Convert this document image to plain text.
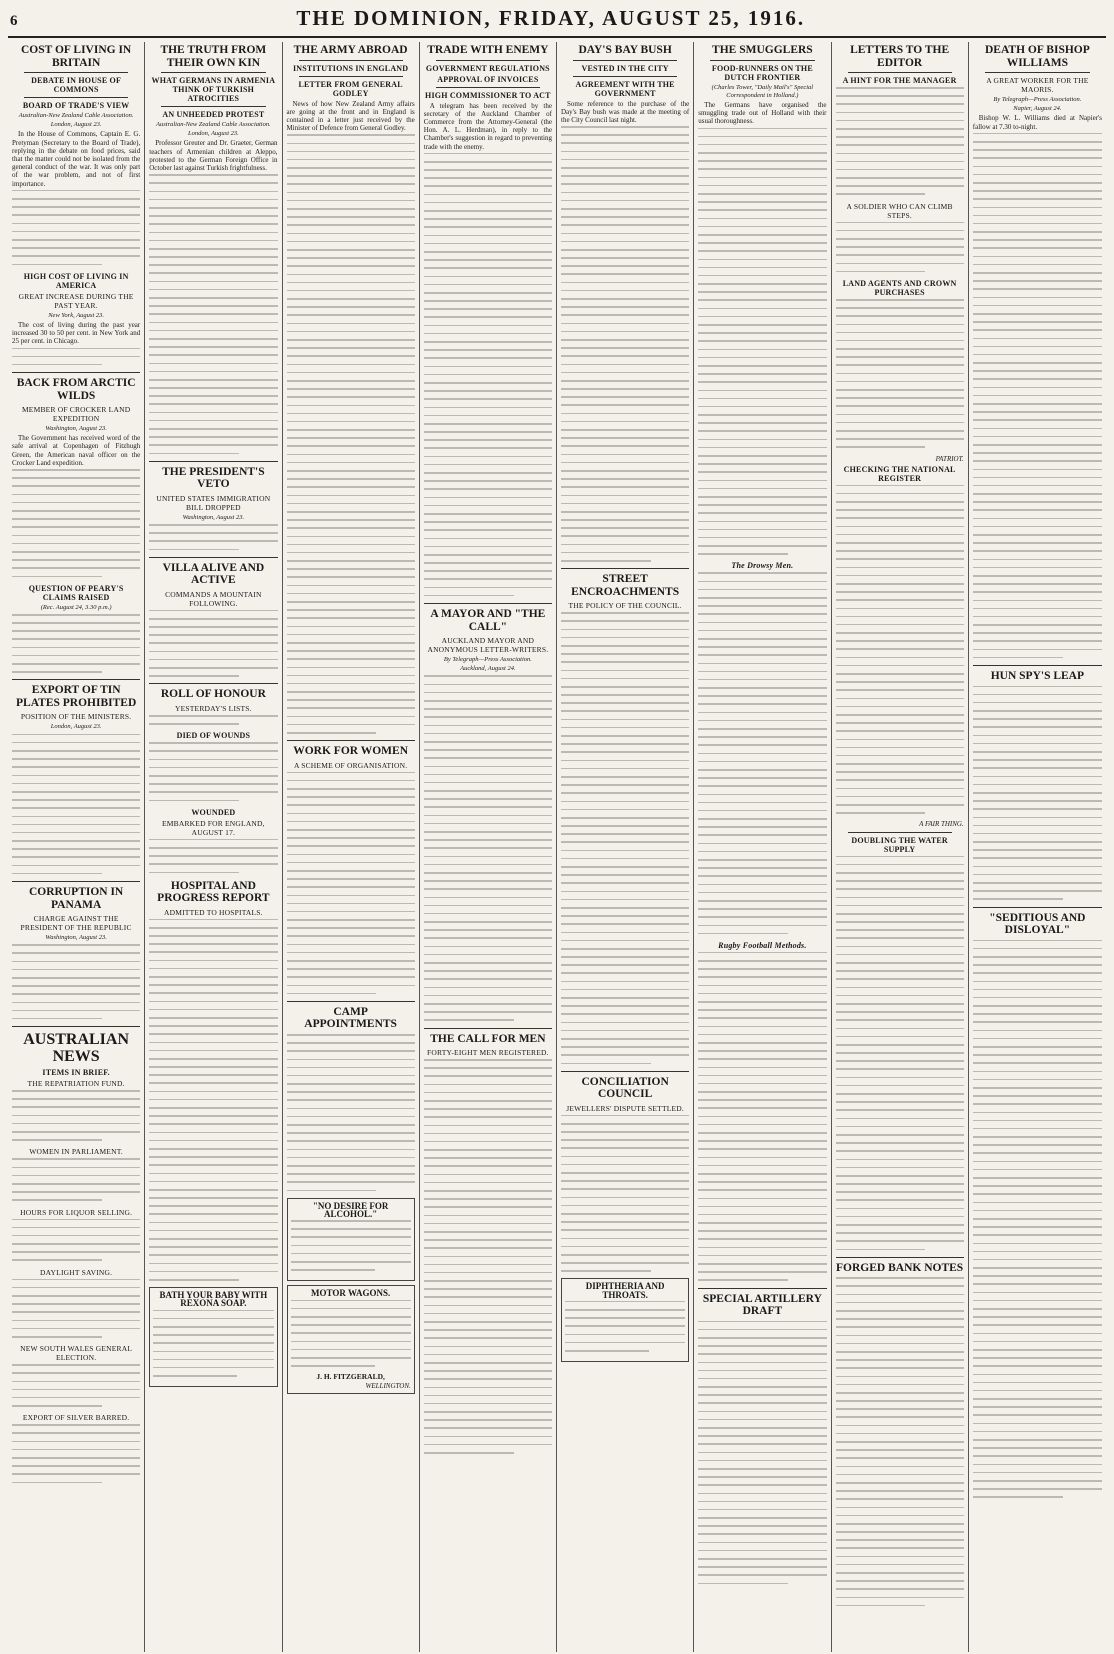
6	THE DOMINION, FRIDAY, AUGUST 25, 1916.
COST OF LIVING IN BRITAIN
DEBATE IN HOUSE OF COMMONS
BOARD OF TRADE'S VIEW
Australian-New Zealand Cable Association.
London, August 23.

In the House of Commons, Captain E. G. Pretyman (Secretary to the Board of Trade), replying in the debate on food prices, said that the matter could not be isolated from the general conduct of the war. It was only part of the war problem, and not of first importance.

HIGH COST OF LIVING IN AMERICA
GREAT INCREASE DURING THE PAST YEAR.
New York, August 23.

The cost of living during the past year increased 30 to 50 per cent. in New York and 25 per cent. in Chicago.

BACK FROM ARCTIC WILDS
MEMBER OF CROCKER LAND EXPEDITION
Washington, August 23.

The Government has received word of the safe arrival at Copenhagen of Fitzhugh Green, the American naval officer on the Crocker Land expedition.

QUESTION OF PEARY'S CLAIMS RAISED
(Rec. August 24, 3.30 p.m.)
EXPORT OF TIN PLATES PROHIBITED
POSITION OF THE MINISTERS.
London, August 23.
CORRUPTION IN PANAMA
CHARGE AGAINST THE PRESIDENT OF THE REPUBLIC
Washington, August 23.
AUSTRALIAN NEWS
ITEMS IN BRIEF.
THE REPATRIATION FUND.
WOMEN IN PARLIAMENT.
HOURS FOR LIQUOR SELLING.
DAYLIGHT SAVING.
NEW SOUTH WALES GENERAL ELECTION.
EXPORT OF SILVER BARRED.
THE TRUTH FROM THEIR OWN KIN
WHAT GERMANS IN ARMENIA THINK OF TURKISH ATROCITIES
AN UNHEEDED PROTEST
Australian-New Zealand Cable Association.
London, August 23.

Professor Greuter and Dr. Graeter, German teachers of Armenian children at Aleppo, protested to the German Foreign Office in October last against Turkish frightfulness.

THE PRESIDENT'S VETO
UNITED STATES IMMIGRATION BILL DROPPED
Washington, August 23.
VILLA ALIVE AND ACTIVE
COMMANDS A MOUNTAIN FOLLOWING.
ROLL OF HONOUR
YESTERDAY'S LISTS.
DIED OF WOUNDS
WOUNDED
EMBARKED FOR ENGLAND, AUGUST 17.
HOSPITAL AND PROGRESS REPORT
ADMITTED TO HOSPITALS.
BATH YOUR BABY WITH REXONA SOAP.
THE ARMY ABROAD
INSTITUTIONS IN ENGLAND
LETTER FROM GENERAL GODLEY

News of how New Zealand Army affairs are going at the front and in England is contained in a letter just received by the Minister of Defence from General Godley.

WORK FOR WOMEN
A SCHEME OF ORGANISATION.
CAMP APPOINTMENTS
"NO DESIRE FOR ALCOHOL."
MOTOR WAGONS.
J. H. FITZGERALD,
WELLINGTON.
TRADE WITH ENEMY
GOVERNMENT REGULATIONS
APPROVAL OF INVOICES
HIGH COMMISSIONER TO ACT

A telegram has been received by the secretary of the Auckland Chamber of Commerce from the Attorney-General (the Hon. A. L. Herdman), in reply to the Chamber's suggestion in regard to preventing trade with the enemy.

A MAYOR AND "THE CALL"
AUCKLAND MAYOR AND ANONYMOUS LETTER-WRITERS.
By Telegraph—Press Association.
Auckland, August 24.
THE CALL FOR MEN
FORTY-EIGHT MEN REGISTERED.
DAY'S BAY BUSH
VESTED IN THE CITY
AGREEMENT WITH THE GOVERNMENT

Some reference to the purchase of the Day's Bay bush was made at the meeting of the City Council last night.

STREET ENCROACHMENTS
THE POLICY OF THE COUNCIL.
CONCILIATION COUNCIL
JEWELLERS' DISPUTE SETTLED.
DIPHTHERIA AND THROATS.
THE SMUGGLERS
FOOD-RUNNERS ON THE DUTCH FRONTIER
(Charles Tower, "Daily Mail's" Special Correspondent in Holland.)

The Germans have organised the smuggling trade out of Holland with their usual thoroughness.

The Drowsy Men.
Rugby Football Methods.
SPECIAL ARTILLERY DRAFT
LETTERS TO THE EDITOR
A HINT FOR THE MANAGER
A SOLDIER WHO CAN CLIMB STEPS.
LAND AGENTS AND CROWN PURCHASES
PATRIOT.
CHECKING THE NATIONAL REGISTER
A FAIR THING.
DOUBLING THE WATER SUPPLY
FORGED BANK NOTES
DEATH OF BISHOP WILLIAMS
A GREAT WORKER FOR THE MAORIS.
By Telegraph—Press Association.
Napier, August 24.

Bishop W. L. Williams died at Napier's fallow at 7.30 to-night.

HUN SPY'S LEAP
"SEDITIOUS AND DISLOYAL"
